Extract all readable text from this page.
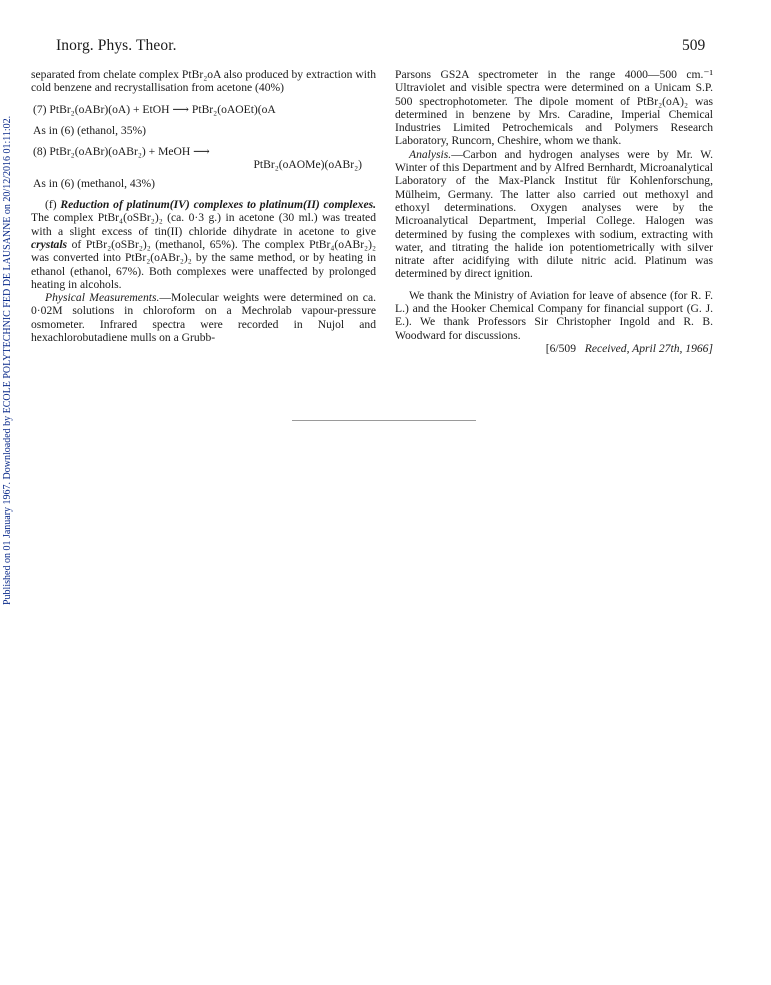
Published on 01 January 1967. Downloaded by ECOLE POLYTECHNIC FED DE LAUSANNE on 20/12/2016 01:11:02.
Inorg. Phys. Theor.	509

separated from chelate complex PtBr₂oA also produced by extraction with cold benzene and recrystallisation from acetone (40%)

(7) PtBr₂(oABr)(oA) + EtOH ⟶ PtBr₂(oAOEt)(oA

As in (6) (ethanol, 35%)

(8) PtBr₂(oABr)(oABr₂) + MeOH ⟶

PtBr₂(oAOMe)(oABr₂)

As in (6) (methanol, 43%)

(f) Reduction of platinum(IV) complexes to platinum(II) complexes. The complex PtBr₄(oSBr₂)₂ (ca. 0·3 g.) in acetone (30 ml.) was treated with a slight excess of tin(II) chloride dihydrate in acetone to give crystals of PtBr₂(oSBr₂)₂ (methanol, 65%). The complex PtBr₄(oABr₂)₂ was converted into PtBr₂(oABr₂)₂ by the same method, or by heating in ethanol (ethanol, 67%). Both complexes were unaffected by prolonged heating in alcohols.

Physical Measurements.—Molecular weights were determined on ca. 0·02M solutions in chloroform on a Mechrolab vapour-pressure osmometer. Infrared spectra were recorded in Nujol and hexachlorobutadiene mulls on a Grubb-

Parsons GS2A spectrometer in the range 4000—500 cm.⁻¹ Ultraviolet and visible spectra were determined on a Unicam S.P. 500 spectrophotometer. The dipole moment of PtBr₂(oA)₂ was determined in benzene by Mrs. Caradine, Imperial Chemical Industries Limited Petrochemicals and Polymers Research Laboratory, Runcorn, Cheshire, whom we thank.

Analysis.—Carbon and hydrogen analyses were by Mr. W. Winter of this Department and by Alfred Bernhardt, Microanalytical Laboratory of the Max-Planck Institut für Kohlenforschung, Mülheim, Germany. The latter also carried out methoxyl and ethoxyl determinations. Oxygen analyses were by the Microanalytical Department, Imperial College. Halogen was determined by fusing the complexes with sodium, extracting with water, and titrating the halide ion potentiometrically with silver nitrate after acidifying with dilute nitric acid. Platinum was determined by direct ignition.

We thank the Ministry of Aviation for leave of absence (for R. F. L.) and the Hooker Chemical Company for financial support (G. J. E.). We thank Professors Sir Christopher Ingold and R. B. Woodward for discussions.

[6/509 Received, April 27th, 1966]
